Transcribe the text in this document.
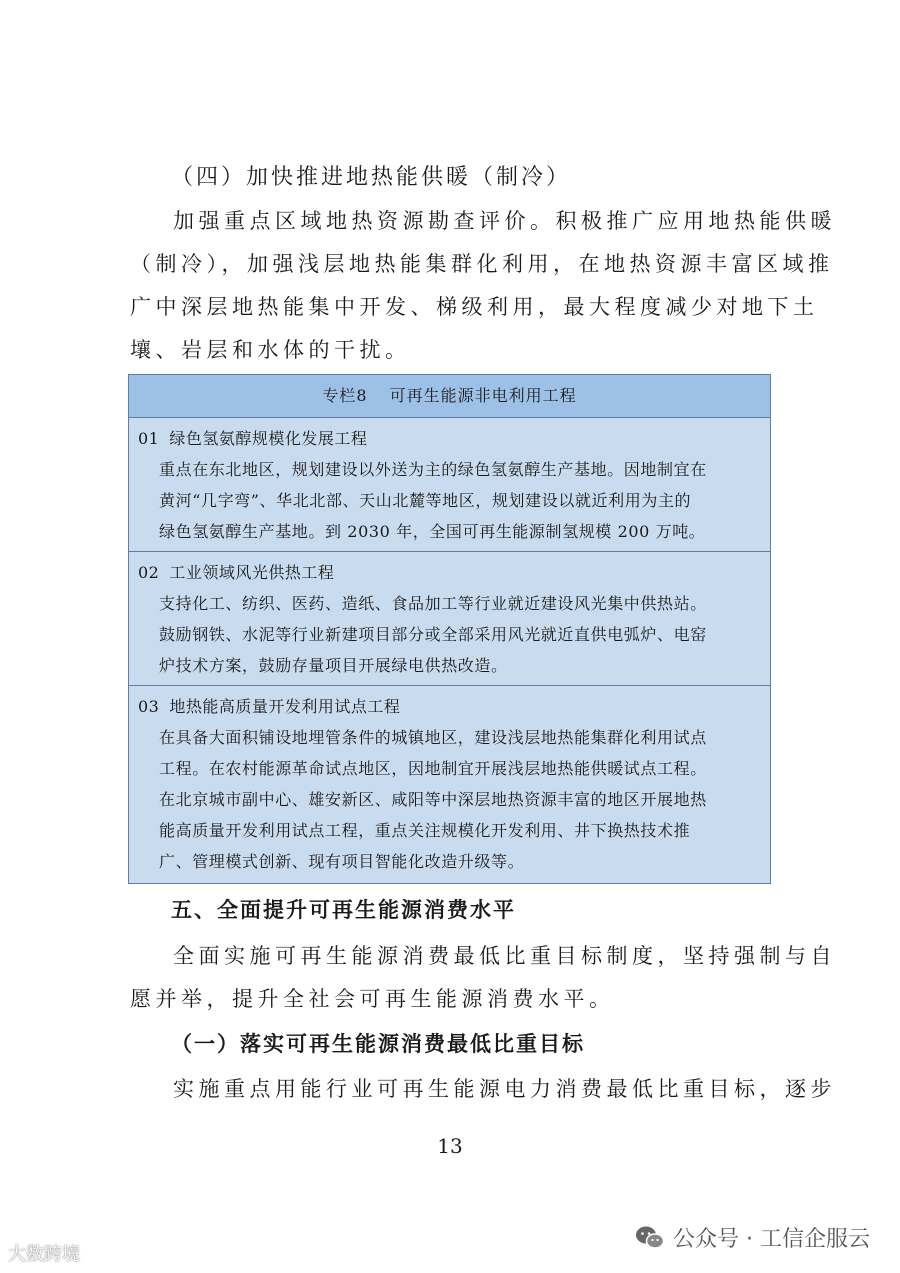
（四）加快推进地热能供暖（制冷）
加强重点区域地热资源勘查评价。积极推广应用地热能供暖
（制冷），加强浅层地热能集群化利用，在地热资源丰富区域推
广中深层地热能集中开发、梯级利用，最大程度减少对地下土
壤、岩层和水体的干扰。
专栏8 可再生能源非电利用工程
01 绿色氢氨醇规模化发展工程
重点在东北地区，规划建设以外送为主的绿色氢氨醇生产基地。因地制宜在
黄河“几字弯”、华北北部、天山北麓等地区，规划建设以就近利用为主的
绿色氢氨醇生产基地。到 2030 年，全国可再生能源制氢规模 200 万吨。
02 工业领域风光供热工程
支持化工、纺织、医药、造纸、食品加工等行业就近建设风光集中供热站。
鼓励钢铁、水泥等行业新建项目部分或全部采用风光就近直供电弧炉、电窑
炉技术方案，鼓励存量项目开展绿电供热改造。
03 地热能高质量开发利用试点工程
在具备大面积铺设地埋管条件的城镇地区，建设浅层地热能集群化利用试点
工程。在农村能源革命试点地区，因地制宜开展浅层地热能供暖试点工程。
在北京城市副中心、雄安新区、咸阳等中深层地热资源丰富的地区开展地热
能高质量开发利用试点工程，重点关注规模化开发利用、井下换热技术推
广、管理模式创新、现有项目智能化改造升级等。
五、全面提升可再生能源消费水平
全面实施可再生能源消费最低比重目标制度，坚持强制与自
愿并举，提升全社会可再生能源消费水平。
（一）落实可再生能源消费最低比重目标
实施重点用能行业可再生能源电力消费最低比重目标，逐步
13
大数跨境
公众号 · 工信企服云
